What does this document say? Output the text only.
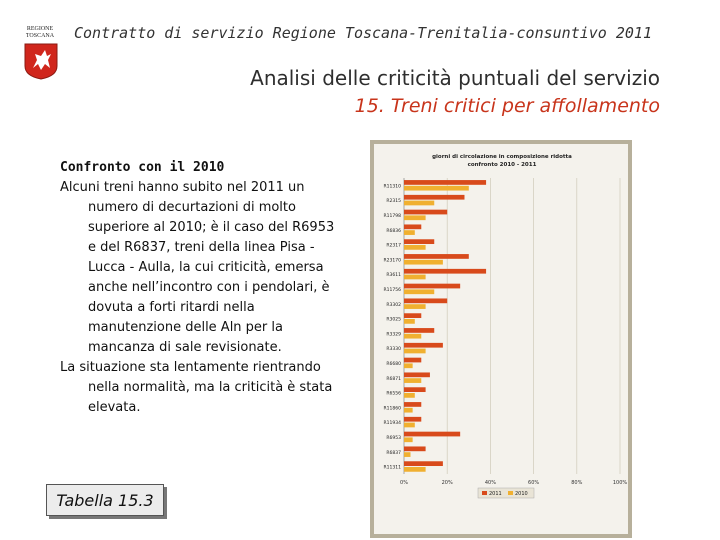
REGIONE TOSCANA	Contratto di servizio Regione Toscana-Trenitalia-consuntivo 2011
Analisi delle criticità puntuali del servizio
15. Treni critici per affollamento
Confronto con il 2010
Alcuni treni hanno subito nel 2011 un numero di decurtazioni di molto superiore al 2010; è il caso del R6953 e del R6837, treni della linea Pisa - Lucca - Aulla, la cui criticità, emersa anche nell’incontro con i pendolari, è dovuta a forti ritardi nella manutenzione delle Aln per la mancanza di sale revisionate.
La situazione sta lentamente rientrando nella normalità, ma la criticità è stata elevata.
Tabella 15.3
giorni di circolazione in composizione ridotta
confronto 2010 - 2011
0%	20%	40%	60%	80%	100%
R11310
R2315
R11798
R6836
R2317
R23170
R3611
R11756
R3302
R3025
R3329
R3330
R6680
R6871
R6556
R11860
R11934
R6953
R6837
R11311
2011	2010
